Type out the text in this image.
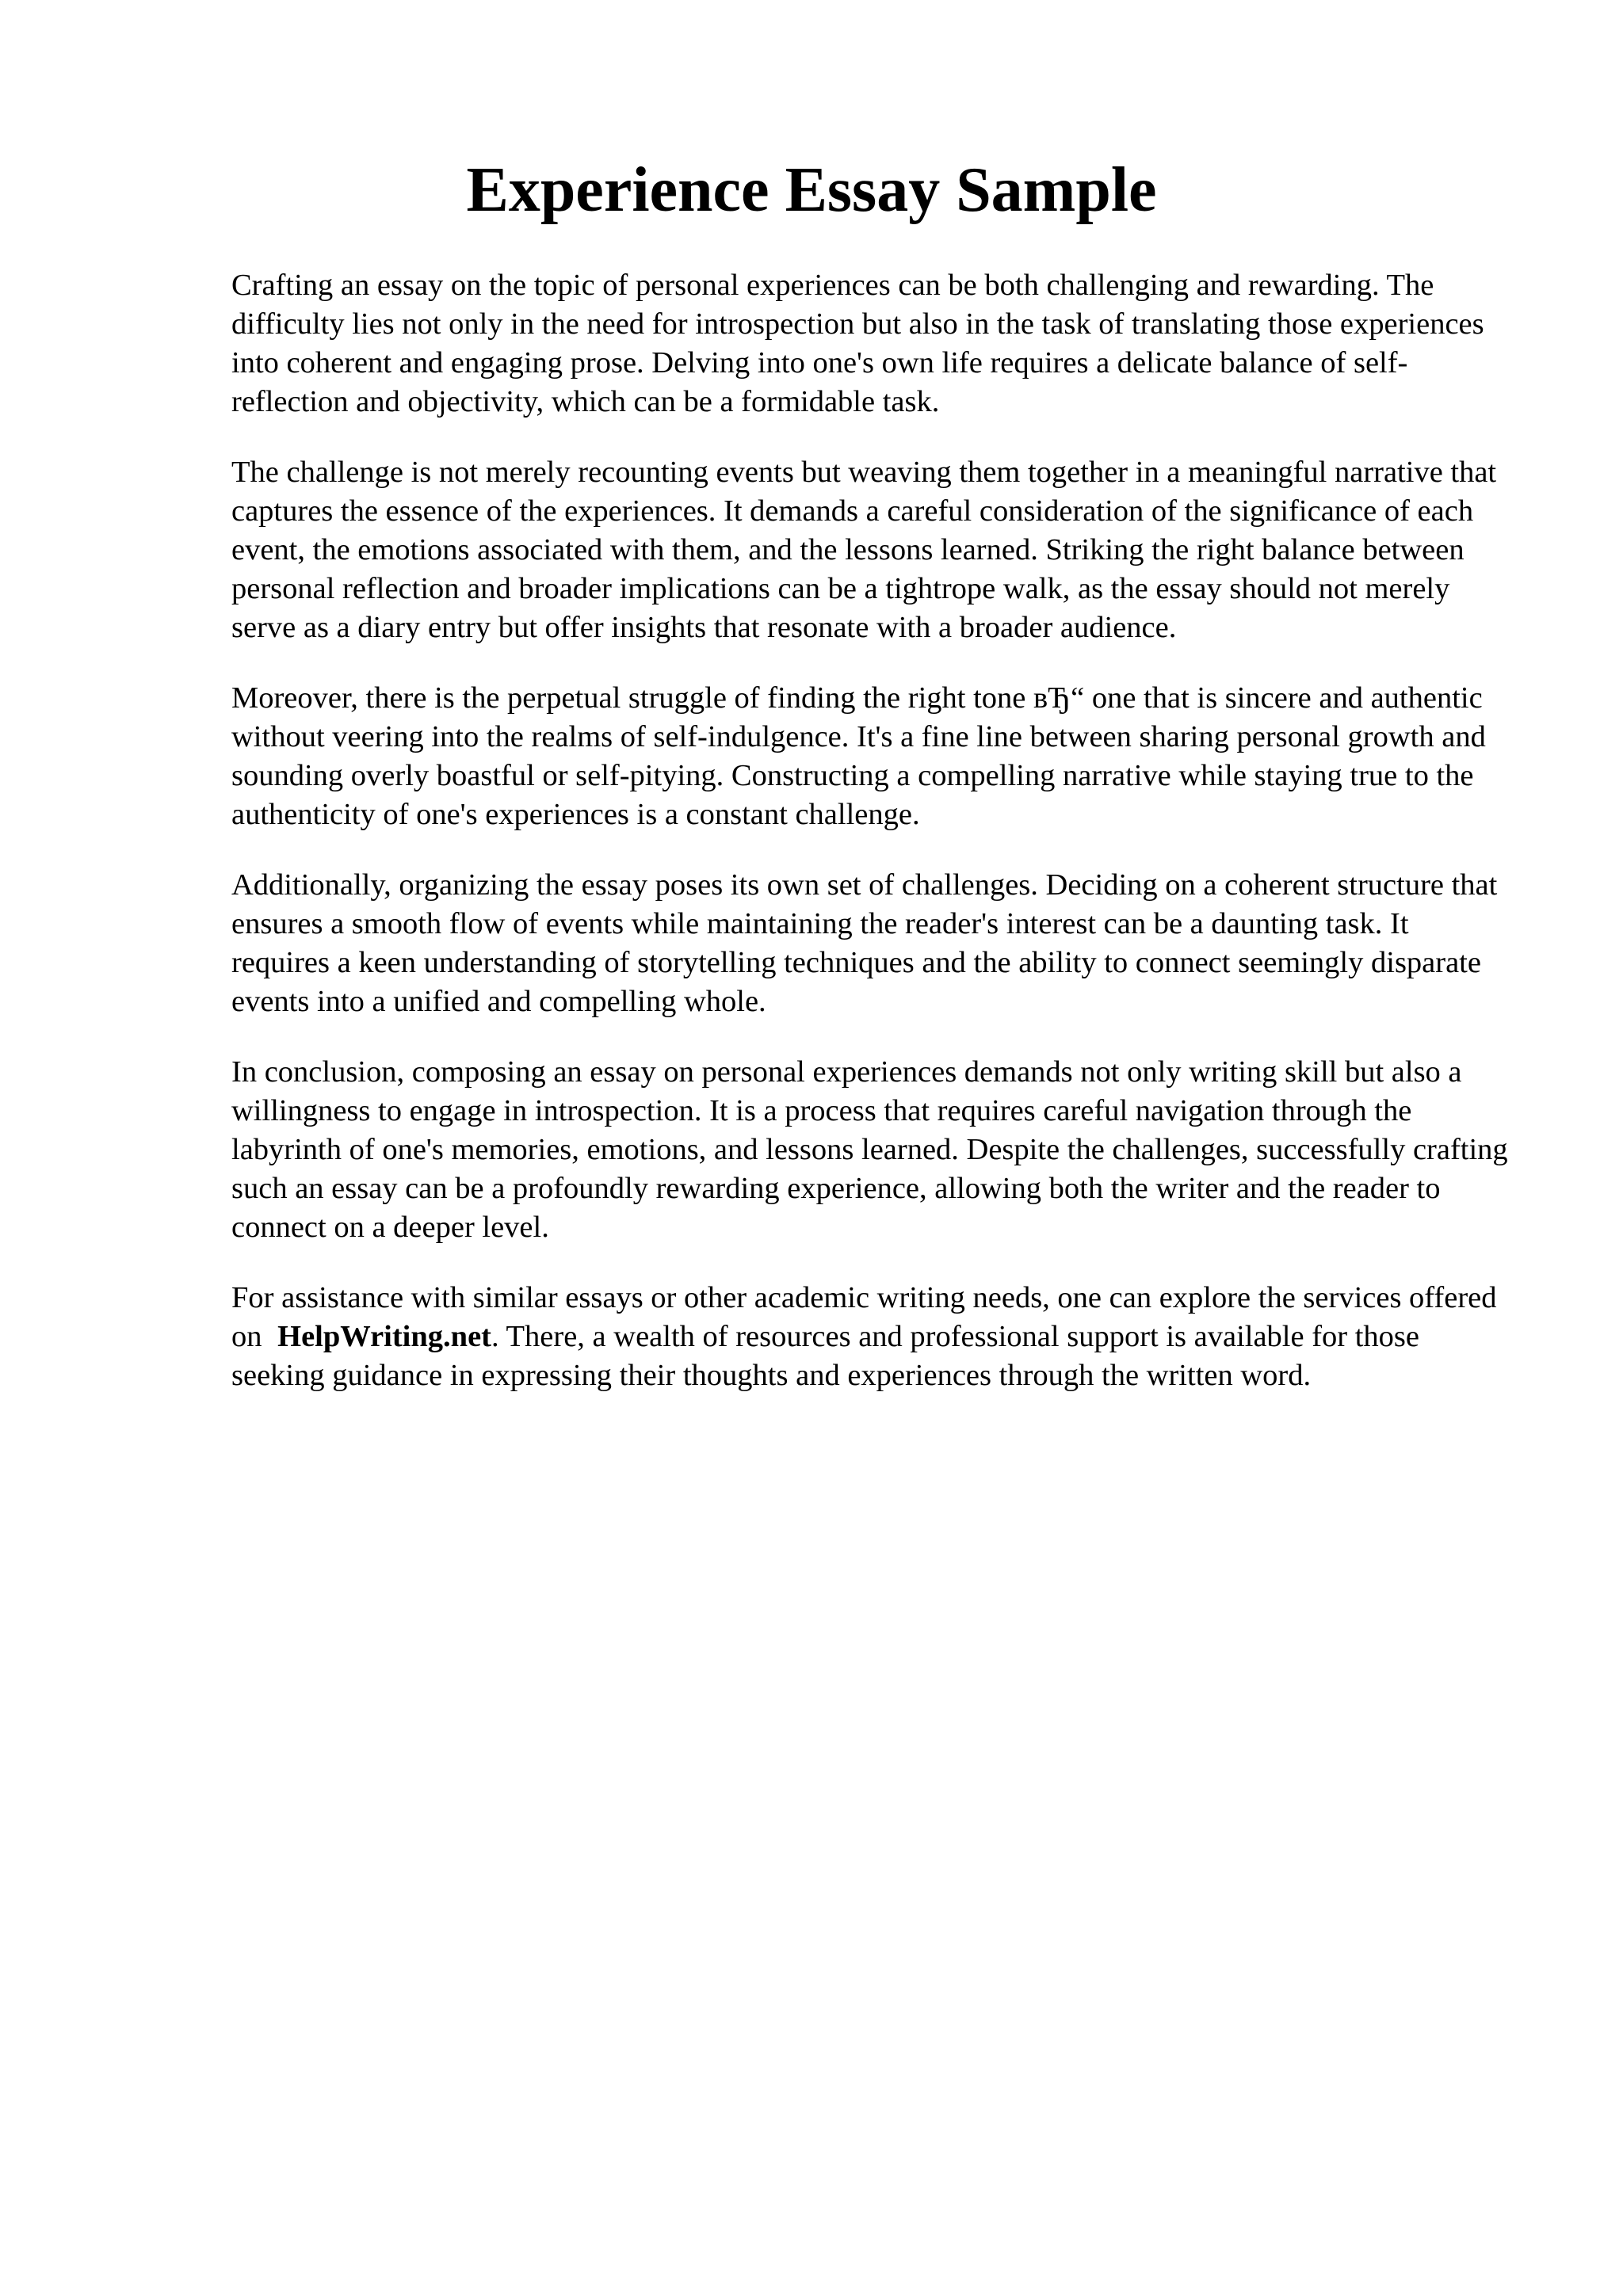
Experience Essay Sample

Crafting an essay on the topic of personal experiences can be both challenging and rewarding. The difficulty lies not only in the need for introspection but also in the task of translating those experiences into coherent and engaging prose. Delving into one's own life requires a delicate balance of self-reflection and objectivity, which can be a formidable task.

The challenge is not merely recounting events but weaving them together in a meaningful narrative that captures the essence of the experiences. It demands a careful consideration of the significance of each event, the emotions associated with them, and the lessons learned. Striking the right balance between personal reflection and broader implications can be a tightrope walk, as the essay should not merely serve as a diary entry but offer insights that resonate with a broader audience.

Moreover, there is the perpetual struggle of finding the right tone вЂ“ one that is sincere and authentic without veering into the realms of self-indulgence. It's a fine line between sharing personal growth and sounding overly boastful or self-pitying. Constructing a compelling narrative while staying true to the authenticity of one's experiences is a constant challenge.

Additionally, organizing the essay poses its own set of challenges. Deciding on a coherent structure that ensures a smooth flow of events while maintaining the reader's interest can be a daunting task. It requires a keen understanding of storytelling techniques and the ability to connect seemingly disparate events into a unified and compelling whole.

In conclusion, composing an essay on personal experiences demands not only writing skill but also a willingness to engage in introspection. It is a process that requires careful navigation through the labyrinth of one's memories, emotions, and lessons learned. Despite the challenges, successfully crafting such an essay can be a profoundly rewarding experience, allowing both the writer and the reader to connect on a deeper level.

For assistance with similar essays or other academic writing needs, one can explore the services offered on HelpWriting.net. There, a wealth of resources and professional support is available for those seeking guidance in expressing their thoughts and experiences through the written word.
